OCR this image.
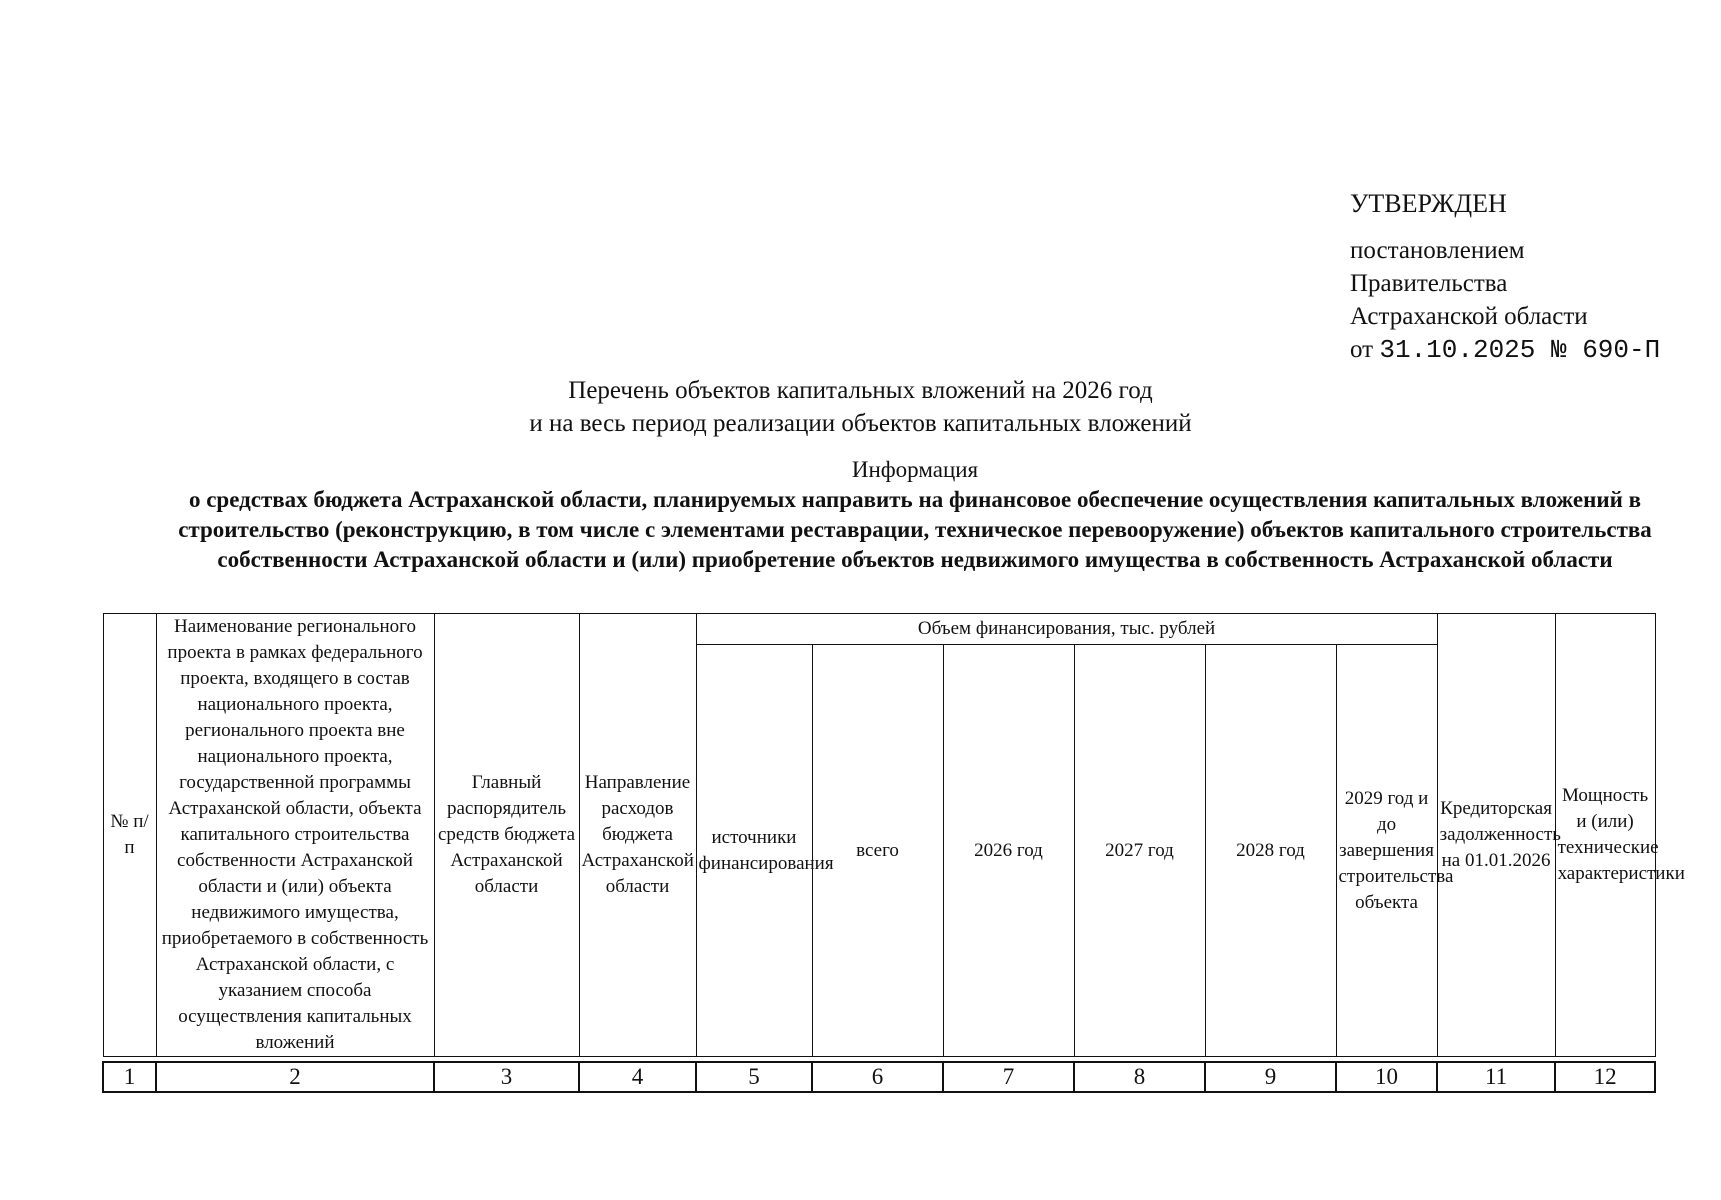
УТВЕРЖДЕН
постановлением
Правительства
Астраханской области
от 31.10.2025 № 690-П
Перечень объектов капитальных вложений на 2026 год
и на весь период реализации объектов капитальных вложений
Информация
о средствах бюджета Астраханской области, планируемых направить на финансовое обеспечение осуществления капитальных вложений в строительство (реконструкцию, в том числе с элементами реставрации, техническое перевооружение) объектов капитального строительства собственности Астраханской области и (или) приобретение объектов недвижимого имущества в собственность Астраханской области
№ п/п	Наименование регионального проекта в рамках федерального проекта, входящего в состав национального проекта, регионального проекта вне национального проекта, государственной программы Астраханской области, объекта капитального строительства собственности Астраханской области и (или) объекта недвижимого имущества, приобретаемого в собственность Астраханской области, с указанием способа осуществления капитальных вложений	Главный распорядитель средств бюджета Астраханской области	Направление расходов бюджета Астраханской области	Объем финансирования, тыс. рублей						Кредиторская задолженность на 01.01.2026	Мощность и (или) технические характеристики
				источники финансирования	всего	2026 год	2027 год	2028 год	2029 год и до завершения строительства объекта		

1	2	3	4	5	6	7	8	9	10	11	12
